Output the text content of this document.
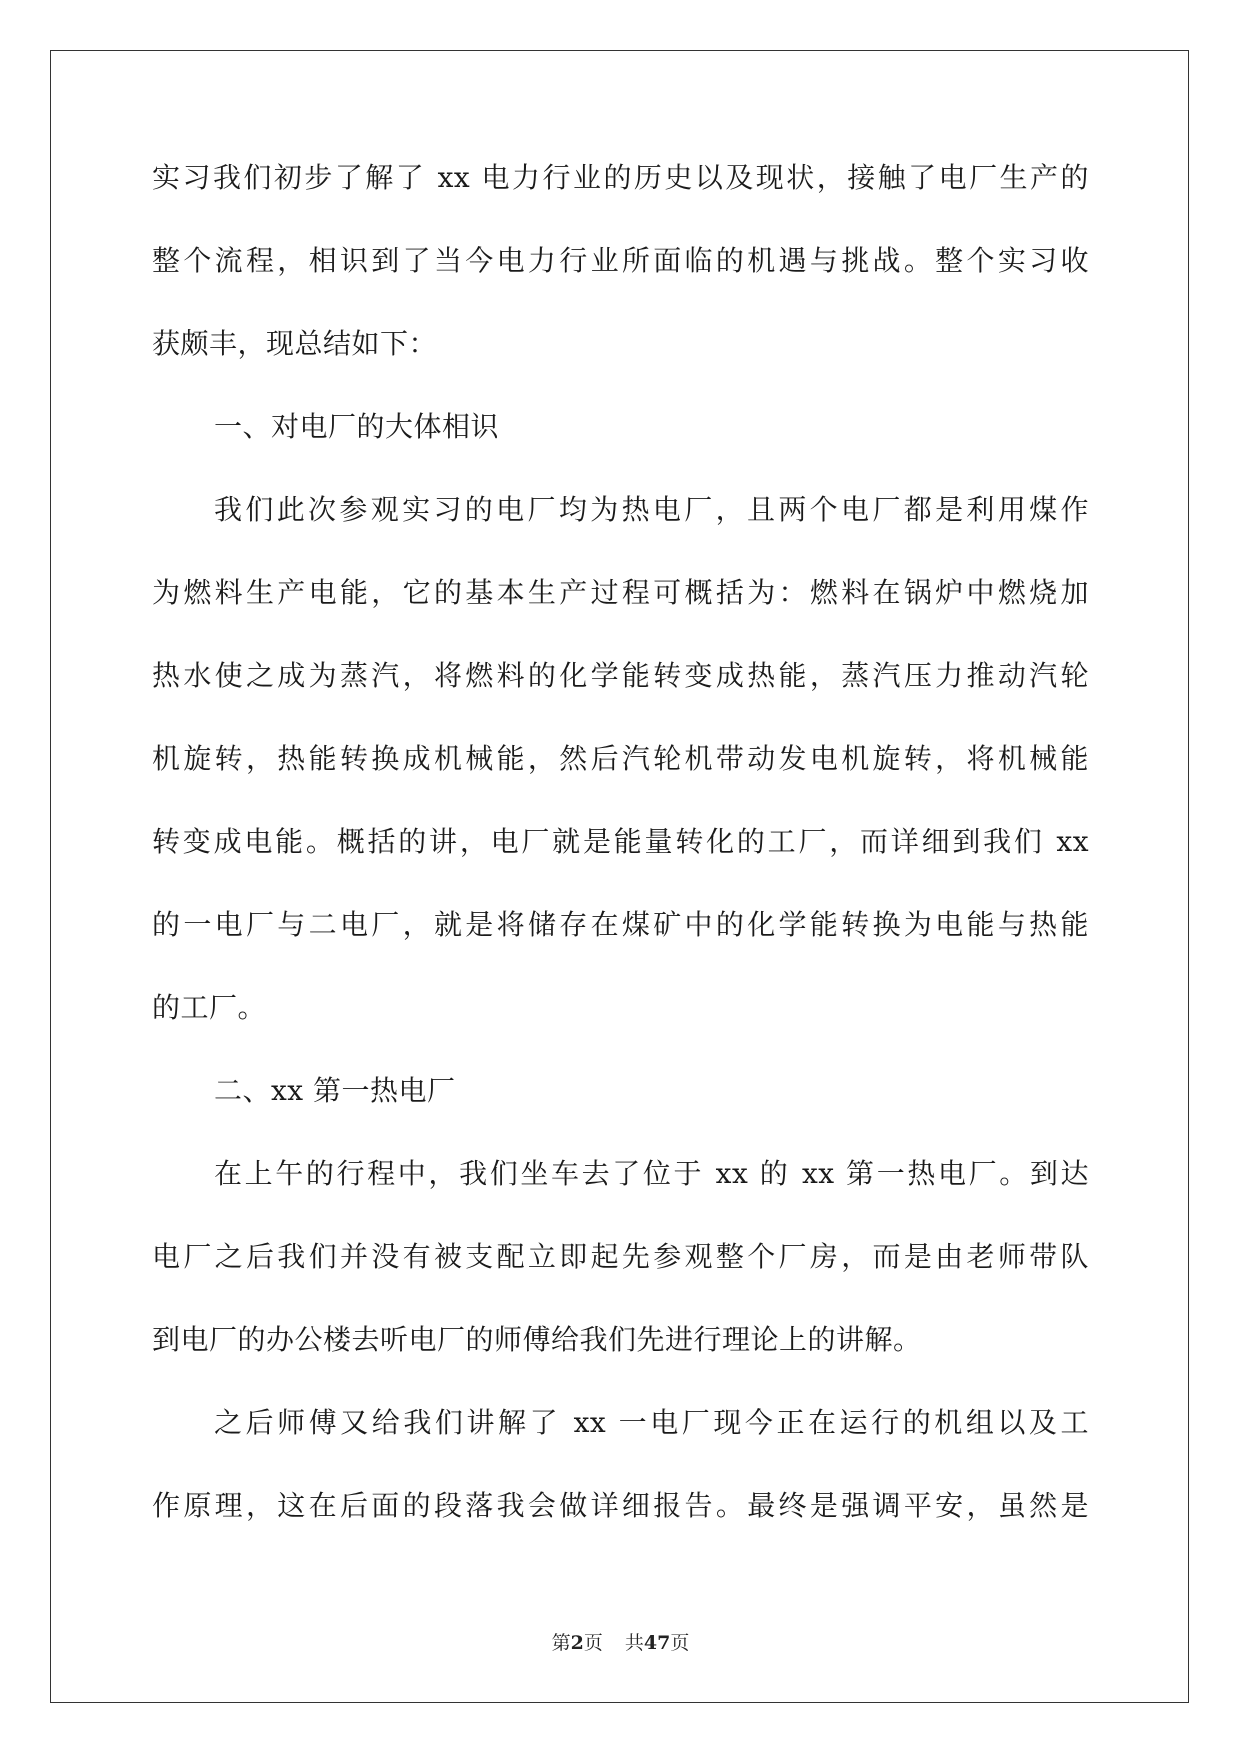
实习我们初步了解了 xx 电力行业的历史以及现状，接触了电厂生产的
整个流程，相识到了当今电力行业所面临的机遇与挑战。整个实习收
获颇丰，现总结如下：
一、对电厂的大体相识
我们此次参观实习的电厂均为热电厂，且两个电厂都是利用煤作
为燃料生产电能，它的基本生产过程可概括为：燃料在锅炉中燃烧加
热水使之成为蒸汽，将燃料的化学能转变成热能，蒸汽压力推动汽轮
机旋转，热能转换成机械能，然后汽轮机带动发电机旋转，将机械能
转变成电能。概括的讲，电厂就是能量转化的工厂，而详细到我们 xx
的一电厂与二电厂，就是将储存在煤矿中的化学能转换为电能与热能
的工厂。
二、xx 第一热电厂
在上午的行程中，我们坐车去了位于 xx 的 xx 第一热电厂。到达
电厂之后我们并没有被支配立即起先参观整个厂房，而是由老师带队
到电厂的办公楼去听电厂的师傅给我们先进行理论上的讲解。
之后师傅又给我们讲解了 xx 一电厂现今正在运行的机组以及工
作原理，这在后面的段落我会做详细报告。最终是强调平安，虽然是
第2页 共47页
